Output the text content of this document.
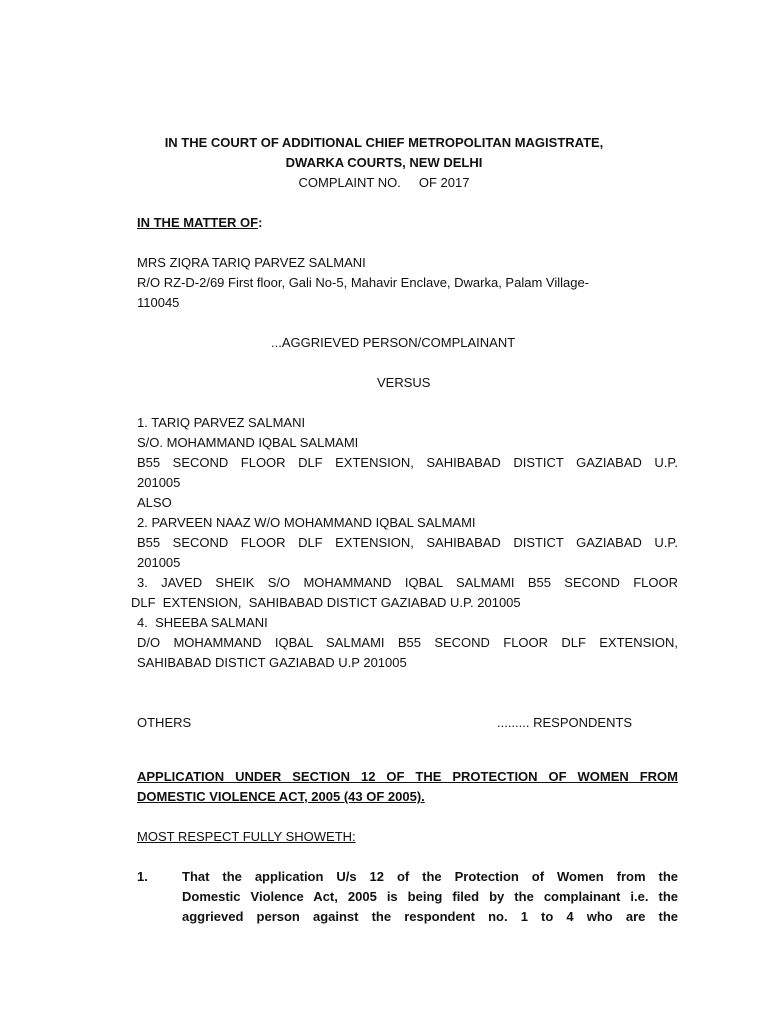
IN THE COURT OF ADDITIONAL CHIEF METROPOLITAN MAGISTRATE,
DWARKA COURTS, NEW DELHI
COMPLAINT NO.     OF 2017
IN THE MATTER OF:
MRS ZIQRA TARIQ PARVEZ SALMANI
R/O RZ-D-2/69 First floor, Gali No-5, Mahavir Enclave, Dwarka, Palam Village-
110045
...AGGRIEVED PERSON/COMPLAINANT
VERSUS
1. TARIQ PARVEZ SALMANI
S/O. MOHAMMAND IQBAL SALMAMI
B55 SECOND FLOOR DLF EXTENSION, SAHIBABAD DISTICT GAZIABAD U.P.
201005
ALSO
2. PARVEEN NAAZ W/O MOHAMMAND IQBAL SALMAMI
B55 SECOND FLOOR DLF EXTENSION, SAHIBABAD DISTICT GAZIABAD U.P.
201005
3. JAVED SHEIK S/O MOHAMMAND IQBAL SALMAMI B55 SECOND FLOOR
DLF  EXTENSION,  SAHIBABAD DISTICT GAZIABAD U.P. 201005
4.  SHEEBA SALMANI
D/O MOHAMMAND IQBAL SALMAMI B55 SECOND FLOOR DLF EXTENSION,
SAHIBABAD DISTICT GAZIABAD U.P 201005
OTHERS	......... RESPONDENTS
APPLICATION UNDER SECTION 12 OF THE PROTECTION OF WOMEN FROM
DOMESTIC VIOLENCE ACT, 2005 (43 OF 2005).
MOST RESPECT FULLY SHOWETH:
1.	That the application U/s 12 of the Protection of Women from the
Domestic Violence Act, 2005 is being filed by the complainant i.e. the
aggrieved person against the respondent no. 1 to 4 who are the
